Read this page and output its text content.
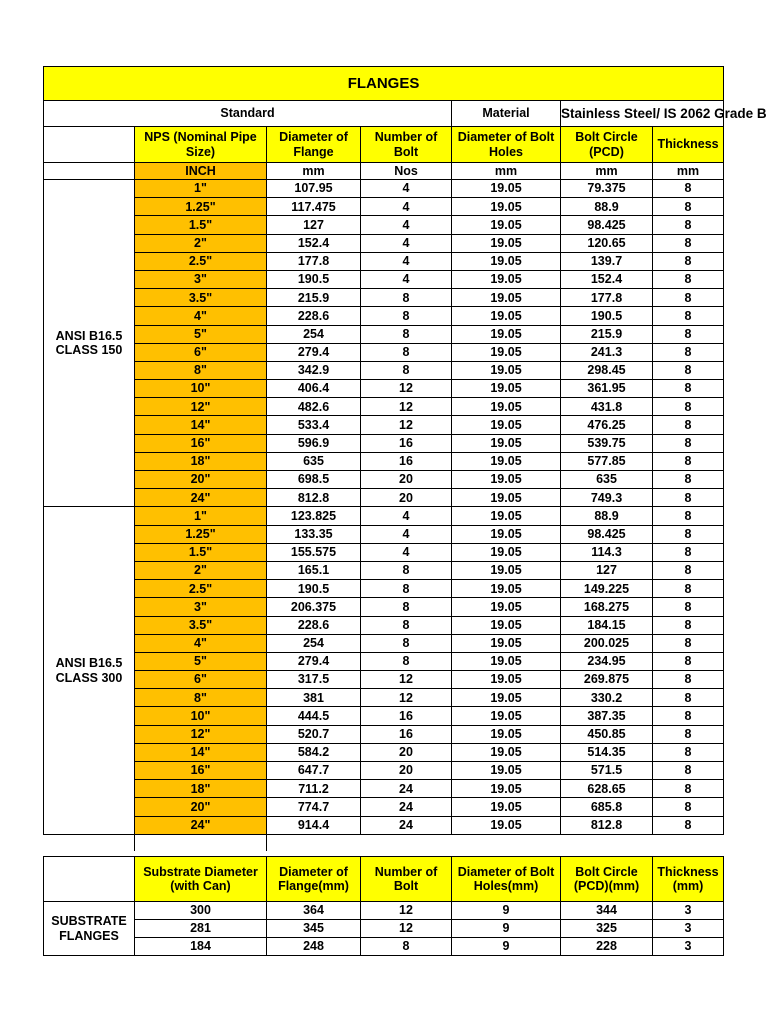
FLANGES						
Standard				Material	Stainless Steel/ IS 2062 Grade B	
	NPS (Nominal Pipe Size)	Diameter of Flange	Number of Bolt	Diameter of Bolt Holes	Bolt Circle (PCD)	Thickness
	INCH	mm	Nos	mm	mm	mm

ANSI B16.5
CLASS 150	1"	107.95	4	19.05	79.375	8
	1.25"	117.475	4	19.05	88.9	8
	1.5"	127	4	19.05	98.425	8
	2"	152.4	4	19.05	120.65	8
	2.5"	177.8	4	19.05	139.7	8
	3"	190.5	4	19.05	152.4	8
	3.5"	215.9	8	19.05	177.8	8
	4"	228.6	8	19.05	190.5	8
	5"	254	8	19.05	215.9	8
	6"	279.4	8	19.05	241.3	8
	8"	342.9	8	19.05	298.45	8
	10"	406.4	12	19.05	361.95	8
	12"	482.6	12	19.05	431.8	8
	14"	533.4	12	19.05	476.25	8
	16"	596.9	16	19.05	539.75	8
	18"	635	16	19.05	577.85	8
	20"	698.5	20	19.05	635	8
	24"	812.8	20	19.05	749.3	8

ANSI B16.5
CLASS 300	1"	123.825	4	19.05	88.9	8
	1.25"	133.35	4	19.05	98.425	8
	1.5"	155.575	4	19.05	114.3	8
	2"	165.1	8	19.05	127	8
	2.5"	190.5	8	19.05	149.225	8
	3"	206.375	8	19.05	168.275	8
	3.5"	228.6	8	19.05	184.15	8
	4"	254	8	19.05	200.025	8
	5"	279.4	8	19.05	234.95	8
	6"	317.5	12	19.05	269.875	8
	8"	381	12	19.05	330.2	8
	10"	444.5	16	19.05	387.35	8
	12"	520.7	16	19.05	450.85	8
	14"	584.2	20	19.05	514.35	8
	16"	647.7	20	19.05	571.5	8
	18"	711.2	24	19.05	628.65	8
	20"	774.7	24	19.05	685.8	8
	24"	914.4	24	19.05	812.8	8

	Substrate Diameter (with Can)	Diameter of Flange(mm)	Number of Bolt	Diameter of Bolt Holes(mm)	Bolt Circle (PCD)(mm)	Thickness (mm)
SUBSTRATE FLANGES	300	364	12	9	344	3
	281	345	12	9	325	3
	184	248	8	9	228	3
